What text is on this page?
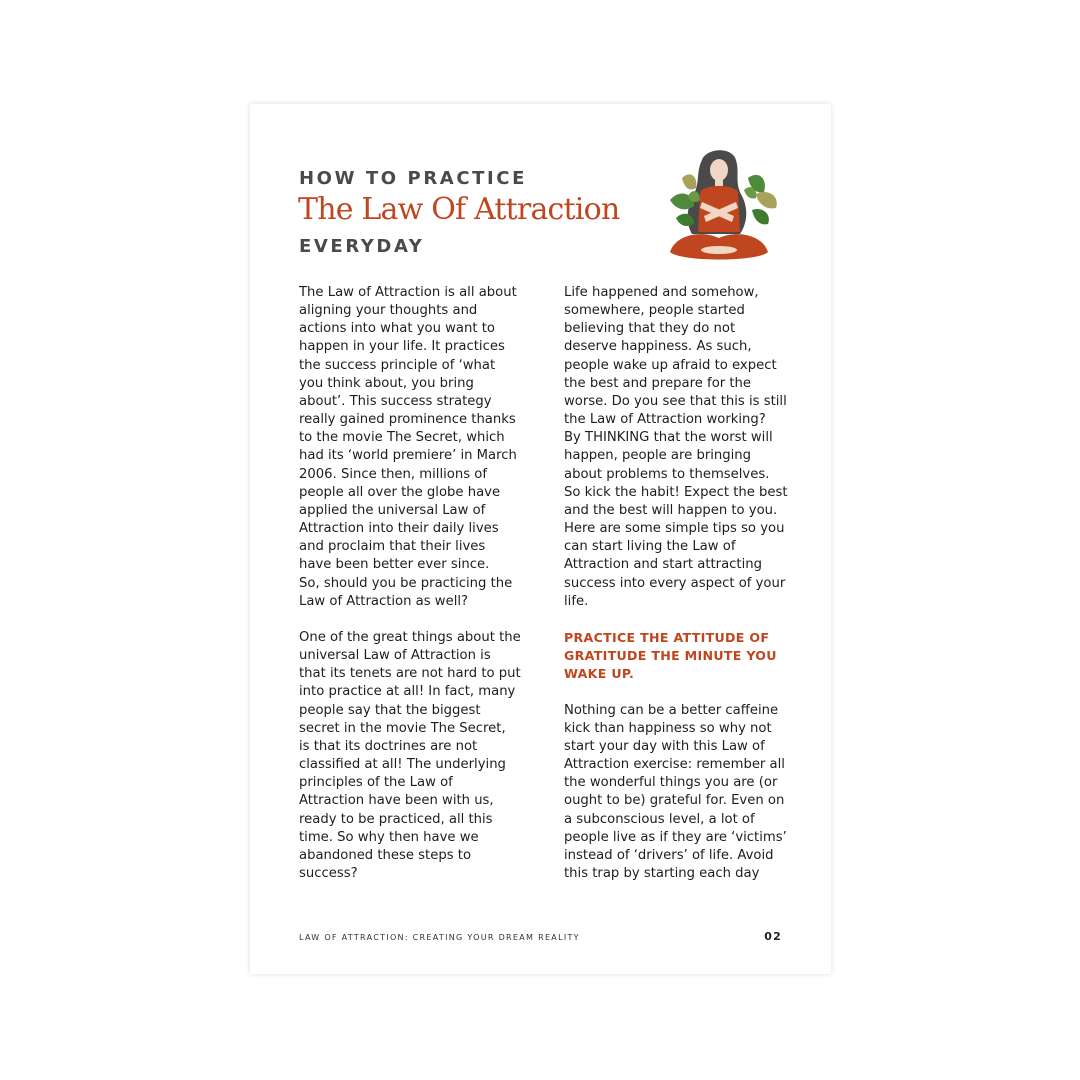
HOW TO PRACTICE
The Law Of Attraction
EVERYDAY
The Law of Attraction is all about
aligning your thoughts and
actions into what you want to
happen in your life. It practices
the success principle of ‘what
you think about, you bring
about’. This success strategy
really gained prominence thanks
to the movie The Secret, which
had its ‘world premiere’ in March
2006. Since then, millions of
people all over the globe have
applied the universal Law of
Attraction into their daily lives
and proclaim that their lives
have been better ever since.
So, should you be practicing the
Law of Attraction as well?
One of the great things about the
universal Law of Attraction is
that its tenets are not hard to put
into practice at all! In fact, many
people say that the biggest
secret in the movie The Secret,
is that its doctrines are not
classified at all! The underlying
principles of the Law of
Attraction have been with us,
ready to be practiced, all this
time. So why then have we
abandoned these steps to
success?
Life happened and somehow,
somewhere, people started
believing that they do not
deserve happiness. As such,
people wake up afraid to expect
the best and prepare for the
worse. Do you see that this is still
the Law of Attraction working?
By THINKING that the worst will
happen, people are bringing
about problems to themselves.
So kick the habit! Expect the best
and the best will happen to you.
Here are some simple tips so you
can start living the Law of
Attraction and start attracting
success into every aspect of your
life.
PRACTICE THE ATTITUDE OF
GRATITUDE THE MINUTE YOU
WAKE UP.
Nothing can be a better caffeine
kick than happiness so why not
start your day with this Law of
Attraction exercise: remember all
the wonderful things you are (or
ought to be) grateful for. Even on
a subconscious level, a lot of
people live as if they are ‘victims’
instead of ‘drivers’ of life. Avoid
this trap by starting each day
LAW OF ATTRACTION: CREATING YOUR DREAM REALITY	02
